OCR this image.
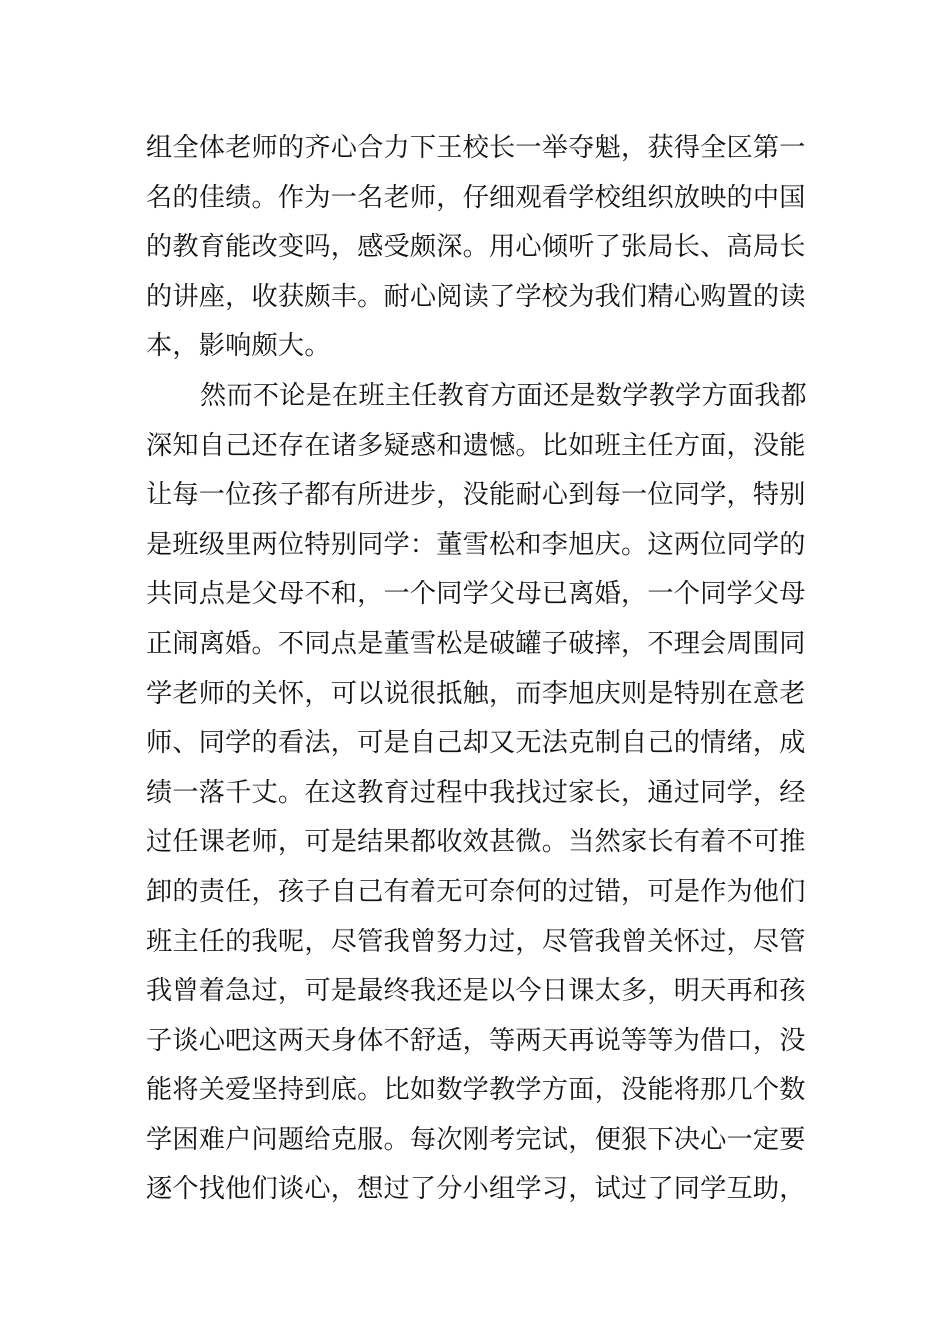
组全体老师的齐心合力下王校长一举夺魁，获得全区第一
名的佳绩。作为一名老师，仔细观看学校组织放映的中国
的教育能改变吗，感受颇深。用心倾听了张局长、高局长
的讲座，收获颇丰。耐心阅读了学校为我们精心购置的读
本，影响颇大。
然而不论是在班主任教育方面还是数学教学方面我都
深知自己还存在诸多疑惑和遗憾。比如班主任方面，没能
让每一位孩子都有所进步，没能耐心到每一位同学，特别
是班级里两位特别同学：董雪松和李旭庆。这两位同学的
共同点是父母不和，一个同学父母已离婚，一个同学父母
正闹离婚。不同点是董雪松是破罐子破摔，不理会周围同
学老师的关怀，可以说很抵触，而李旭庆则是特别在意老
师、同学的看法，可是自己却又无法克制自己的情绪，成
绩一落千丈。在这教育过程中我找过家长，通过同学，经
过任课老师，可是结果都收效甚微。当然家长有着不可推
卸的责任，孩子自己有着无可奈何的过错，可是作为他们
班主任的我呢，尽管我曾努力过，尽管我曾关怀过，尽管
我曾着急过，可是最终我还是以今日课太多，明天再和孩
子谈心吧这两天身体不舒适，等两天再说等等为借口，没
能将关爱坚持到底。比如数学教学方面，没能将那几个数
学困难户问题给克服。每次刚考完试，便狠下决心一定要
逐个找他们谈心，想过了分小组学习，试过了同学互助，
